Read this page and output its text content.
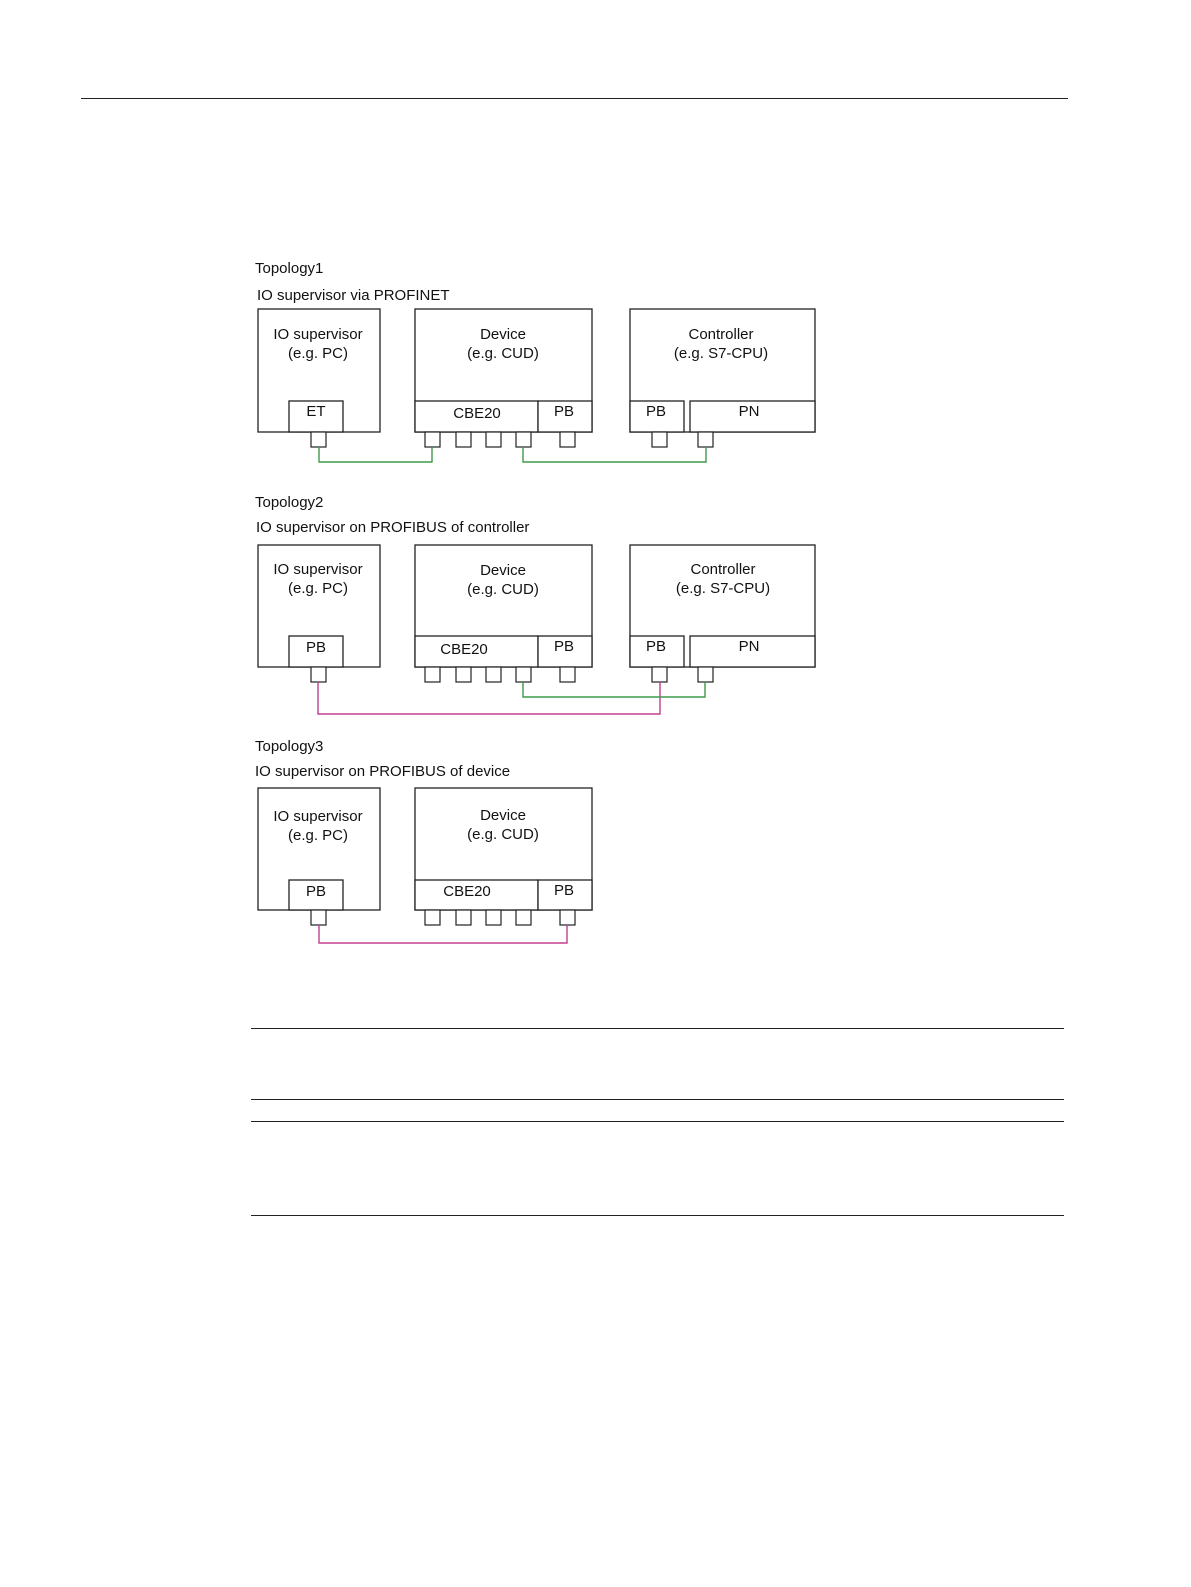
Topology1
IO supervisor via PROFINET
IO supervisor
(e.g. PC)
ET
Device
(e.g. CUD)
CBE20	PB
Controller
(e.g. S7-CPU)
PB	PN
Topology2
IO supervisor on PROFIBUS of controller
IO supervisor
(e.g. PC)
PB
Device
(e.g. CUD)
CBE20	PB
Controller
(e.g. S7-CPU)
PB	PN
Topology3
IO supervisor on PROFIBUS of device
IO supervisor
(e.g. PC)
PB
Device
(e.g. CUD)
CBE20	PB
